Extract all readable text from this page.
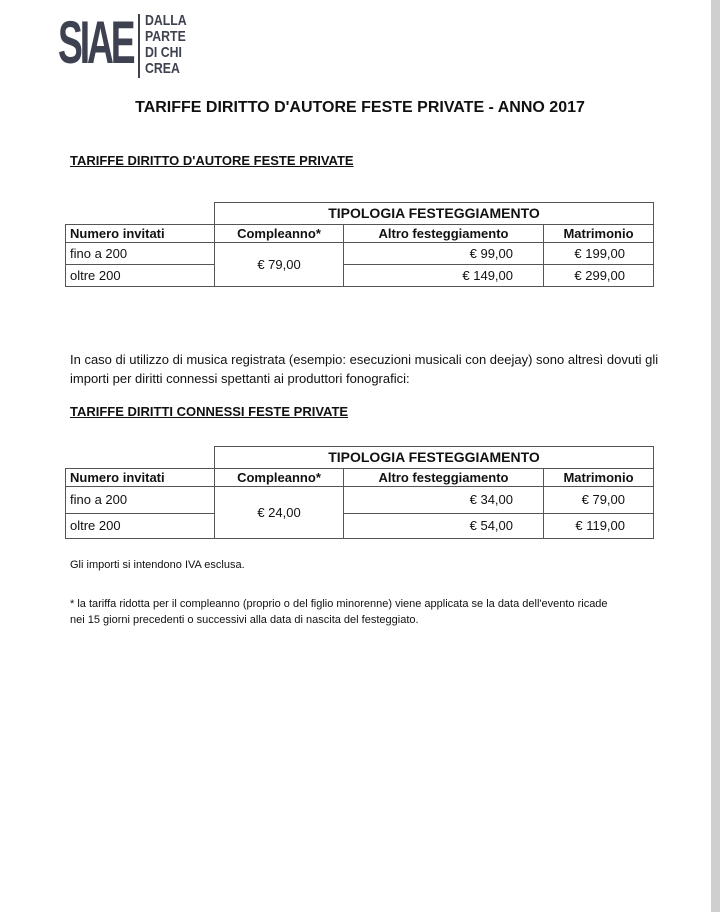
SIAE DALLA
PARTE
DI CHI
CREA
TARIFFE DIRITTO D'AUTORE FESTE PRIVATE - ANNO 2017
TARIFFE DIRITTO D'AUTORE FESTE PRIVATE
	TIPOLOGIA FESTEGGIAMENTO		
Numero invitati	Compleanno*	Altro festeggiamento	Matrimonio
fino a 200	€ 79,00	€ 99,00	€ 199,00
oltre 200		€ 149,00	€ 299,00
In caso di utilizzo di musica registrata (esempio: esecuzioni musicali con deejay) sono altresì dovuti gli
importi per diritti connessi spettanti ai produttori fonografici:
TARIFFE DIRITTI CONNESSI FESTE PRIVATE
	TIPOLOGIA FESTEGGIAMENTO		
Numero invitati	Compleanno*	Altro festeggiamento	Matrimonio
fino a 200	€ 24,00	€ 34,00	€ 79,00
oltre 200		€ 54,00	€ 119,00
Gli importi si intendono IVA esclusa.
* la tariffa ridotta per il compleanno (proprio o del figlio minorenne) viene applicata se la data dell'evento ricade
nei 15 giorni precedenti o successivi alla data di nascita del festeggiato.
